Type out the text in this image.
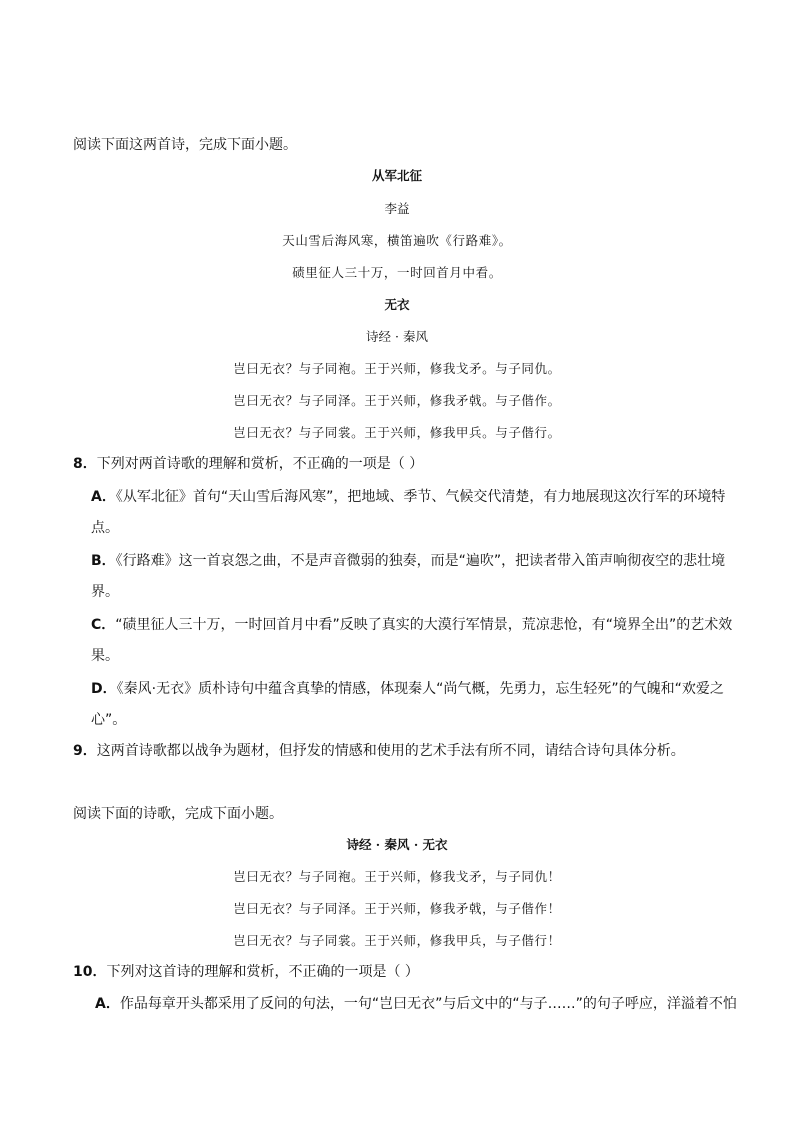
阅读下面这两首诗，完成下面小题。
从军北征
李益
天山雪后海风寒，横笛遍吹《行路难》。
碛里征人三十万，一时回首月中看。
无衣
诗经 · 秦风
岂曰无衣？与子同袍。王于兴师，修我戈矛。与子同仇。
岂曰无衣？与子同泽。王于兴师，修我矛戟。与子偕作。
岂曰无衣？与子同裳。王于兴师，修我甲兵。与子偕行。
8．下列对两首诗歌的理解和赏析，不正确的一项是（ ）
A．《从军北征》首句“天山雪后海风寒”，把地域、季节、气候交代清楚，有力地展现这次行军的环境特
点。
B．《行路难》这一首哀怨之曲，不是声音微弱的独奏，而是“遍吹”，把读者带入笛声响彻夜空的悲壮境
界。
C．“碛里征人三十万，一时回首月中看”反映了真实的大漠行军情景，荒凉悲怆，有“境界全出”的艺术效
果。
D．《秦风·无衣》质朴诗句中蕴含真挚的情感，体现秦人“尚气概，先勇力，忘生轻死”的气魄和“欢爱之
心”。
9．这两首诗歌都以战争为题材，但抒发的情感和使用的艺术手法有所不同，请结合诗句具体分析。
阅读下面的诗歌，完成下面小题。
诗经 · 秦风 · 无衣
岂曰无衣？与子同袍。王于兴师，修我戈矛，与子同仇！
岂曰无衣？与子同泽。王于兴师，修我矛戟，与子偕作！
岂曰无衣？与子同裳。王于兴师，修我甲兵，与子偕行！
10．下列对这首诗的理解和赏析，不正确的一项是（ ）
A．作品每章开头都采用了反问的句法，一句“岂曰无衣”与后文中的“与子……”的句子呼应，洋溢着不怕
